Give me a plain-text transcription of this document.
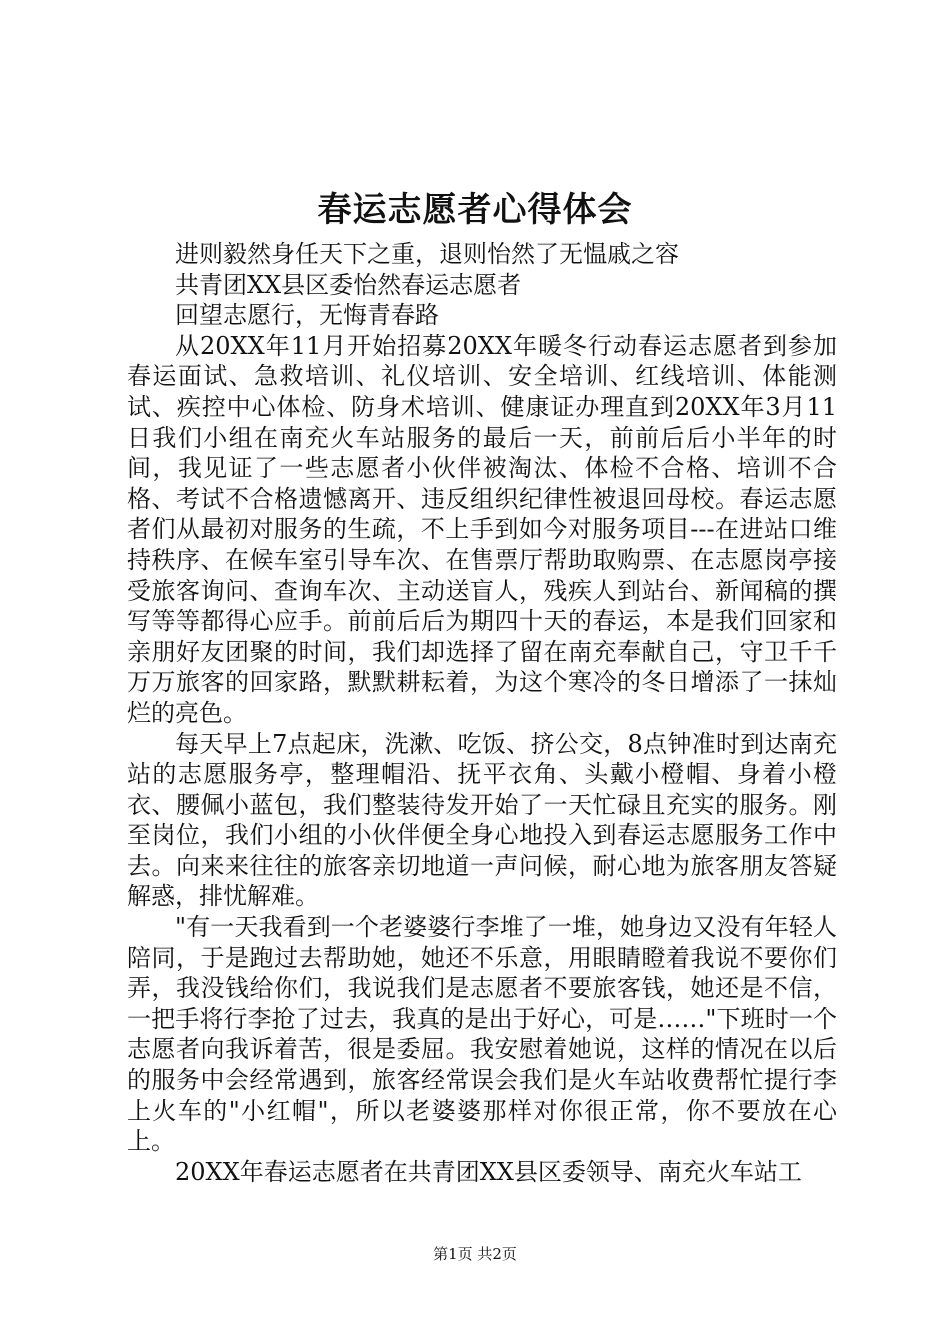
春运志愿者心得体会

进则毅然身任天下之重，退则怡然了无愠戚之容

共青团XX县区委怡然春运志愿者

回望志愿行，无悔青春路

从20XX年11月开始招募20XX年暖冬行动春运志愿者到参加春运面试、急救培训、礼仪培训、安全培训、红线培训、体能测试、疾控中心体检、防身术培训、健康证办理直到20XX年3月11日我们小组在南充火车站服务的最后一天，前前后后小半年的时间，我见证了一些志愿者小伙伴被淘汰、体检不合格、培训不合格、考试不合格遗憾离开、违反组织纪律性被退回母校。春运志愿者们从最初对服务的生疏，不上手到如今对服务项目---在进站口维持秩序、在候车室引导车次、在售票厅帮助取购票、在志愿岗亭接受旅客询问、查询车次、主动送盲人，残疾人到站台、新闻稿的撰写等等都得心应手。前前后后为期四十天的春运，本是我们回家和亲朋好友团聚的时间，我们却选择了留在南充奉献自己，守卫千千万万旅客的回家路，默默耕耘着，为这个寒冷的冬日增添了一抹灿烂的亮色。

每天早上7点起床，洗漱、吃饭、挤公交，8点钟准时到达南充站的志愿服务亭，整理帽沿、抚平衣角、头戴小橙帽、身着小橙衣、腰佩小蓝包，我们整装待发开始了一天忙碌且充实的服务。刚至岗位，我们小组的小伙伴便全身心地投入到春运志愿服务工作中去。向来来往往的旅客亲切地道一声问候，耐心地为旅客朋友答疑解惑，排忧解难。

"有一天我看到一个老婆婆行李堆了一堆，她身边又没有年轻人陪同，于是跑过去帮助她，她还不乐意，用眼睛瞪着我说不要你们弄，我没钱给你们，我说我们是志愿者不要旅客钱，她还是不信，一把手将行李抢了过去，我真的是出于好心，可是……"下班时一个志愿者向我诉着苦，很是委屈。我安慰着她说，这样的情况在以后的服务中会经常遇到，旅客经常误会我们是火车站收费帮忙提行李上火车的"小红帽"，所以老婆婆那样对你很正常，你不要放在心上。

20XX年春运志愿者在共青团XX县区委领导、南充火车站工

第1页 共2页
